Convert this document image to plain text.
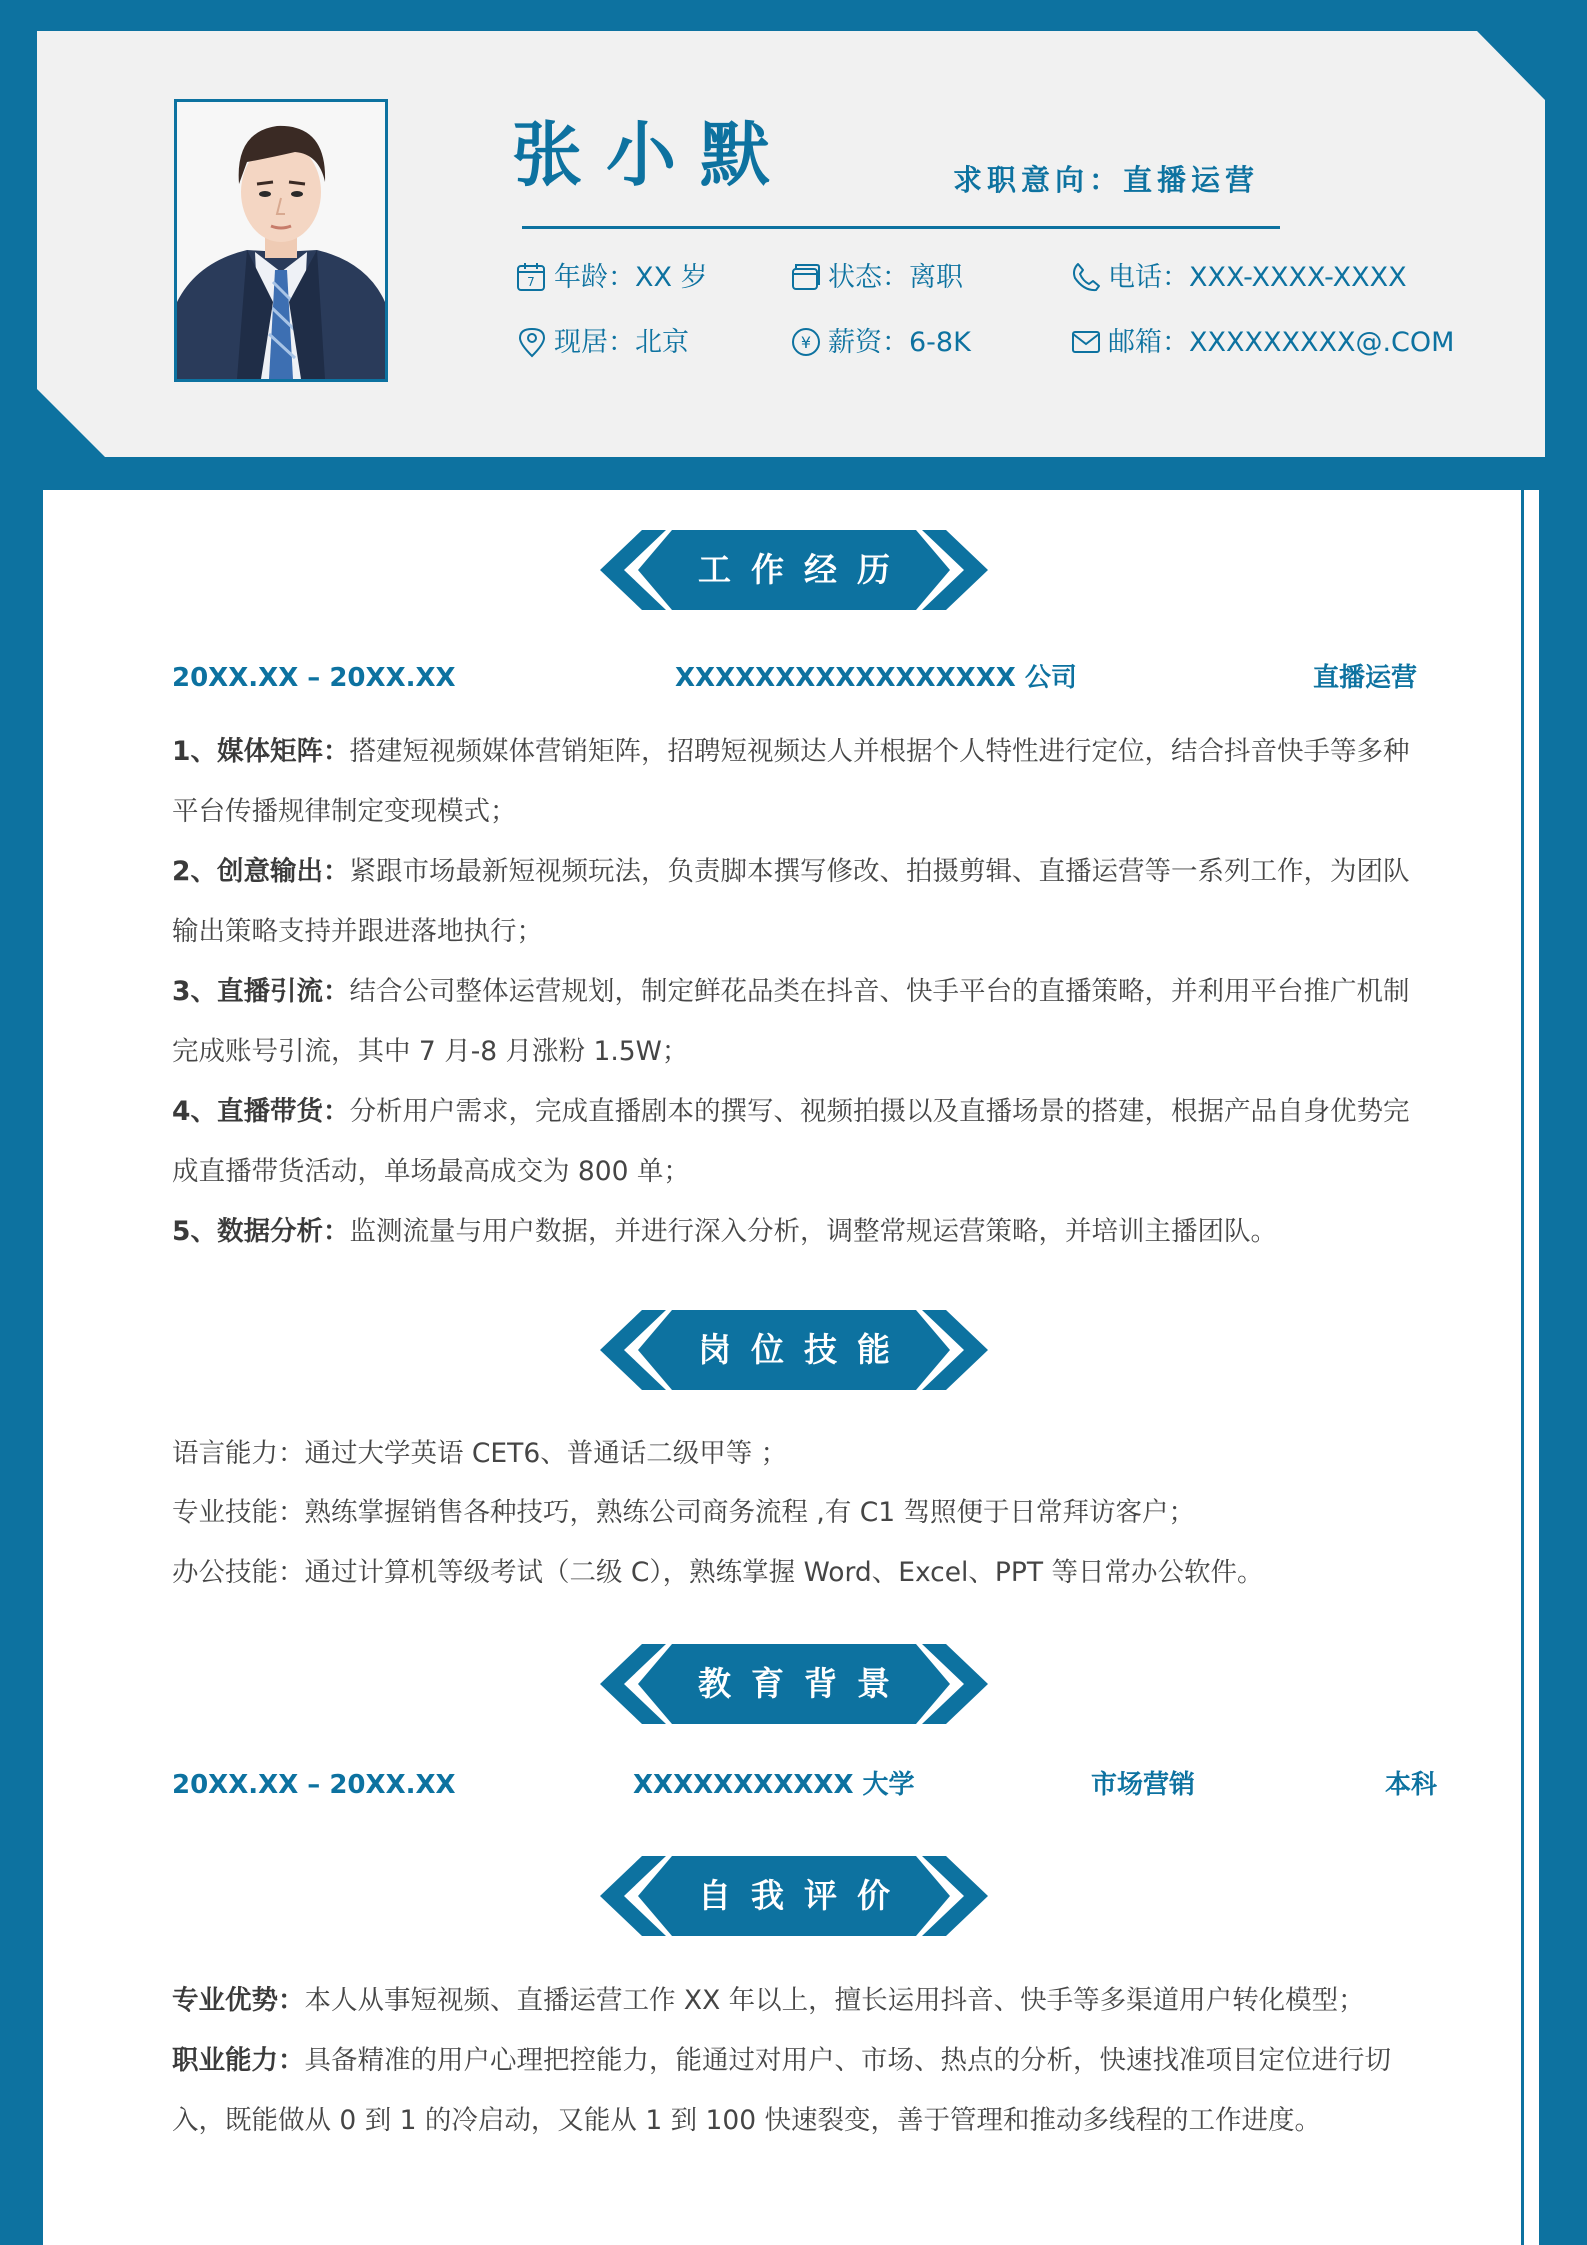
张小默	求职意向：直播运营
7 年龄： XX 岁	状态： 离职	电话： XXX-XXXX-XXXX
现居： 北京	¥ 薪资： 6-8K	邮箱： XXXXXXXXX@.COM
工作经历
20XX.XX – 20XX.XX	XXXXXXXXXXXXXXXXX 公司	直播运营
1、媒体矩阵：搭建短视频媒体营销矩阵，招聘短视频达人并根据个人特性进行定位，结合抖音快手等多种平台传播规律制定变现模式；
2、创意输出：紧跟市场最新短视频玩法，负责脚本撰写修改、拍摄剪辑、直播运营等一系列工作，为团队输出策略支持并跟进落地执行；
3、直播引流：结合公司整体运营规划，制定鲜花品类在抖音、快手平台的直播策略，并利用平台推广机制完成账号引流，其中 7 月-8 月涨粉 1.5W；
4、直播带货：分析用户需求，完成直播剧本的撰写、视频拍摄以及直播场景的搭建，根据产品自身优势完成直播带货活动，单场最高成交为 800 单；
5、数据分析：监测流量与用户数据，并进行深入分析，调整常规运营策略，并培训主播团队。
岗位技能
语言能力：通过大学英语 CET6、普通话二级甲等 ；
专业技能：熟练掌握销售各种技巧，熟练公司商务流程 ,有 C1 驾照便于日常拜访客户；
办公技能：通过计算机等级考试（二级 C），熟练掌握 Word、Excel、PPT 等日常办公软件。
教育背景
20XX.XX – 20XX.XX	XXXXXXXXXXX 大学	市场营销	本科
自我评价
专业优势：本人从事短视频、直播运营工作 XX 年以上，擅长运用抖音、快手等多渠道用户转化模型；
职业能力：具备精准的用户心理把控能力，能通过对用户、市场、热点的分析，快速找准项目定位进行切入，既能做从 0 到 1 的冷启动，又能从 1 到 100 快速裂变，善于管理和推动多线程的工作进度。
